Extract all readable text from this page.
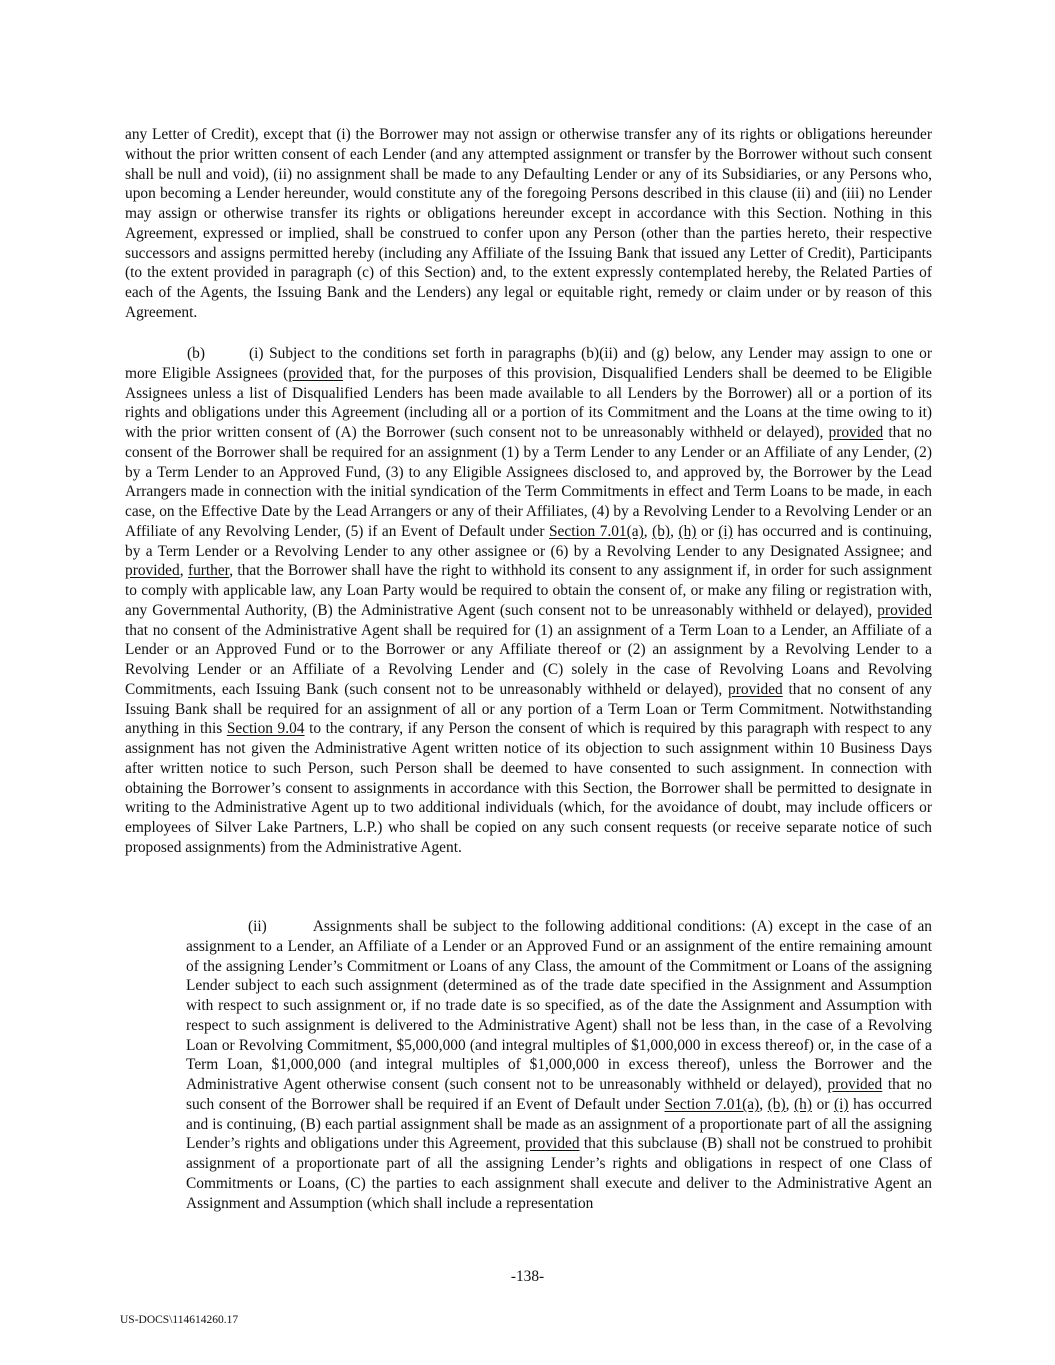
any Letter of Credit), except that (i) the Borrower may not assign or otherwise transfer any of its rights or obligations hereunder without the prior written consent of each Lender (and any attempted assignment or transfer by the Borrower without such consent shall be null and void), (ii) no assignment shall be made to any Defaulting Lender or any of its Subsidiaries, or any Persons who, upon becoming a Lender hereunder, would constitute any of the foregoing Persons described in this clause (ii) and (iii) no Lender may assign or otherwise transfer its rights or obligations hereunder except in accordance with this Section. Nothing in this Agreement, expressed or implied, shall be construed to confer upon any Person (other than the parties hereto, their respective successors and assigns permitted hereby (including any Affiliate of the Issuing Bank that issued any Letter of Credit), Participants (to the extent provided in paragraph (c) of this Section) and, to the extent expressly contemplated hereby, the Related Parties of each of the Agents, the Issuing Bank and the Lenders) any legal or equitable right, remedy or claim under or by reason of this Agreement.

(b)	(i) Subject to the conditions set forth in paragraphs (b)(ii) and (g) below, any Lender may assign to one or more Eligible Assignees (provided that, for the purposes of this provision, Disqualified Lenders shall be deemed to be Eligible Assignees unless a list of Disqualified Lenders has been made available to all Lenders by the Borrower) all or a portion of its rights and obligations under this Agreement (including all or a portion of its Commitment and the Loans at the time owing to it) with the prior written consent of (A) the Borrower (such consent not to be unreasonably withheld or delayed), provided that no consent of the Borrower shall be required for an assignment (1) by a Term Lender to any Lender or an Affiliate of any Lender, (2) by a Term Lender to an Approved Fund, (3) to any Eligible Assignees disclosed to, and approved by, the Borrower by the Lead Arrangers made in connection with the initial syndication of the Term Commitments in effect and Term Loans to be made, in each case, on the Effective Date by the Lead Arrangers or any of their Affiliates, (4) by a Revolving Lender to a Revolving Lender or an Affiliate of any Revolving Lender, (5) if an Event of Default under Section 7.01(a), (b), (h) or (i) has occurred and is continuing, by a Term Lender or a Revolving Lender to any other assignee or (6) by a Revolving Lender to any Designated Assignee; and provided, further, that the Borrower shall have the right to withhold its consent to any assignment if, in order for such assignment to comply with applicable law, any Loan Party would be required to obtain the consent of, or make any filing or registration with, any Governmental Authority, (B) the Administrative Agent (such consent not to be unreasonably withheld or delayed), provided that no consent of the Administrative Agent shall be required for (1) an assignment of a Term Loan to a Lender, an Affiliate of a Lender or an Approved Fund or to the Borrower or any Affiliate thereof or (2) an assignment by a Revolving Lender to a Revolving Lender or an Affiliate of a Revolving Lender and (C) solely in the case of Revolving Loans and Revolving Commitments, each Issuing Bank (such consent not to be unreasonably withheld or delayed), provided that no consent of any Issuing Bank shall be required for an assignment of all or any portion of a Term Loan or Term Commitment. Notwithstanding anything in this Section 9.04 to the contrary, if any Person the consent of which is required by this paragraph with respect to any assignment has not given the Administrative Agent written notice of its objection to such assignment within 10 Business Days after written notice to such Person, such Person shall be deemed to have consented to such assignment. In connection with obtaining the Borrower’s consent to assignments in accordance with this Section, the Borrower shall be permitted to designate in writing to the Administrative Agent up to two additional individuals (which, for the avoidance of doubt, may include officers or employees of Silver Lake Partners, L.P.) who shall be copied on any such consent requests (or receive separate notice of such proposed assignments) from the Administrative Agent.

(ii)	Assignments shall be subject to the following additional conditions: (A) except in the case of an assignment to a Lender, an Affiliate of a Lender or an Approved Fund or an assignment of the entire remaining amount of the assigning Lender’s Commitment or Loans of any Class, the amount of the Commitment or Loans of the assigning Lender subject to each such assignment (determined as of the trade date specified in the Assignment and Assumption with respect to such assignment or, if no trade date is so specified, as of the date the Assignment and Assumption with respect to such assignment is delivered to the Administrative Agent) shall not be less than, in the case of a Revolving Loan or Revolving Commitment, $5,000,000 (and integral multiples of $1,000,000 in excess thereof) or, in the case of a Term Loan, $1,000,000 (and integral multiples of $1,000,000 in excess thereof), unless the Borrower and the Administrative Agent otherwise consent (such consent not to be unreasonably withheld or delayed), provided that no such consent of the Borrower shall be required if an Event of Default under Section 7.01(a), (b), (h) or (i) has occurred and is continuing, (B) each partial assignment shall be made as an assignment of a proportionate part of all the assigning Lender’s rights and obligations under this Agreement, provided that this subclause (B) shall not be construed to prohibit assignment of a proportionate part of all the assigning Lender’s rights and obligations in respect of one Class of Commitments or Loans, (C) the parties to each assignment shall execute and deliver to the Administrative Agent an Assignment and Assumption (which shall include a representation

-138-
US-DOCS\114614260.17
